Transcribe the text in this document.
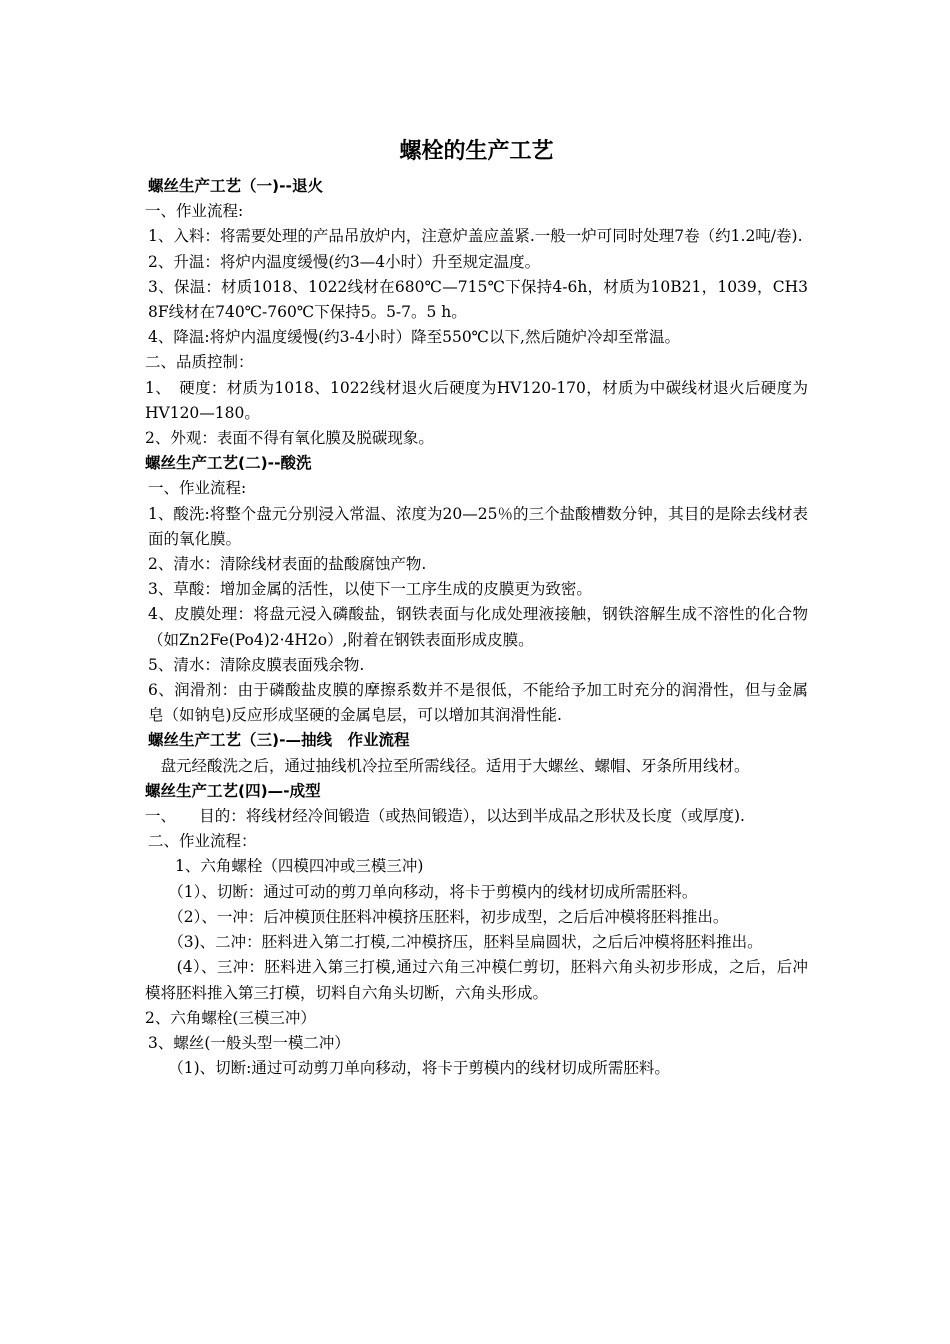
螺栓的生产工艺

螺丝生产工艺（一)--退火

一、作业流程:

1、入料：将需要处理的产品吊放炉内，注意炉盖应盖紧.一般一炉可同时处理7卷（约1.2吨/卷).

2、升温：将炉内温度缓慢(约3—4小时）升至规定温度。

3、保温：材质1018、1022线材在680℃—715℃下保持4-6h，材质为10B21，1039，CH38F线材在740℃-760℃下保持5。5-7。5 h。

4、降温:将炉内温度缓慢(约3-4小时）降至550℃以下,然后随炉冷却至常温。

二、品质控制：

1、　硬度：材质为1018、1022线材退火后硬度为HV120-170，材质为中碳线材退火后硬度为HV120—180。

2、外观：表面不得有氧化膜及脱碳现象。

螺丝生产工艺(二)--酸洗

一、作业流程:

1、酸洗:将整个盘元分别浸入常温、浓度为20—25％的三个盐酸槽数分钟，其目的是除去线材表面的氧化膜。

2、清水：清除线材表面的盐酸腐蚀产物.

3、草酸：增加金属的活性，以使下一工序生成的皮膜更为致密。

4、皮膜处理：将盘元浸入磷酸盐，钢铁表面与化成处理液接触，钢铁溶解生成不溶性的化合物（如Zn2Fe(Po4)2·4H2o）,附着在钢铁表面形成皮膜。

5、清水：清除皮膜表面残余物.

6、润滑剂：由于磷酸盐皮膜的摩擦系数并不是很低，不能给予加工时充分的润滑性，但与金属皂（如钠皂)反应形成坚硬的金属皂层，可以增加其润滑性能.

螺丝生产工艺（三)-—抽线　作业流程

　盘元经酸洗之后，通过抽线机冷拉至所需线径。适用于大螺丝、螺帽、牙条所用线材。

螺丝生产工艺(四)—-成型

一、　　目的：将线材经冷间锻造（或热间锻造），以达到半成品之形状及长度（或厚度).

二、作业流程：

1、六角螺栓（四模四冲或三模三冲)

　　（1）、切断：通过可动的剪刀单向移动，将卡于剪模内的线材切成所需胚料。

　　（2）、一冲：后冲模顶住胚料冲模挤压胚料，初步成型，之后后冲模将胚料推出。

　　（3)、二冲：胚料进入第二打模,二冲模挤压，胚料呈扁圆状，之后后冲模将胚料推出。

　　(4）、三冲：胚料进入第三打模,通过六角三冲模仁剪切，胚料六角头初步形成，之后，后冲模将胚料推入第三打模，切料自六角头切断，六角头形成。

2、六角螺栓(三模三冲）

3、螺丝(一般头型一模二冲）

　　（1)、切断:通过可动剪刀单向移动，将卡于剪模内的线材切成所需胚料。
